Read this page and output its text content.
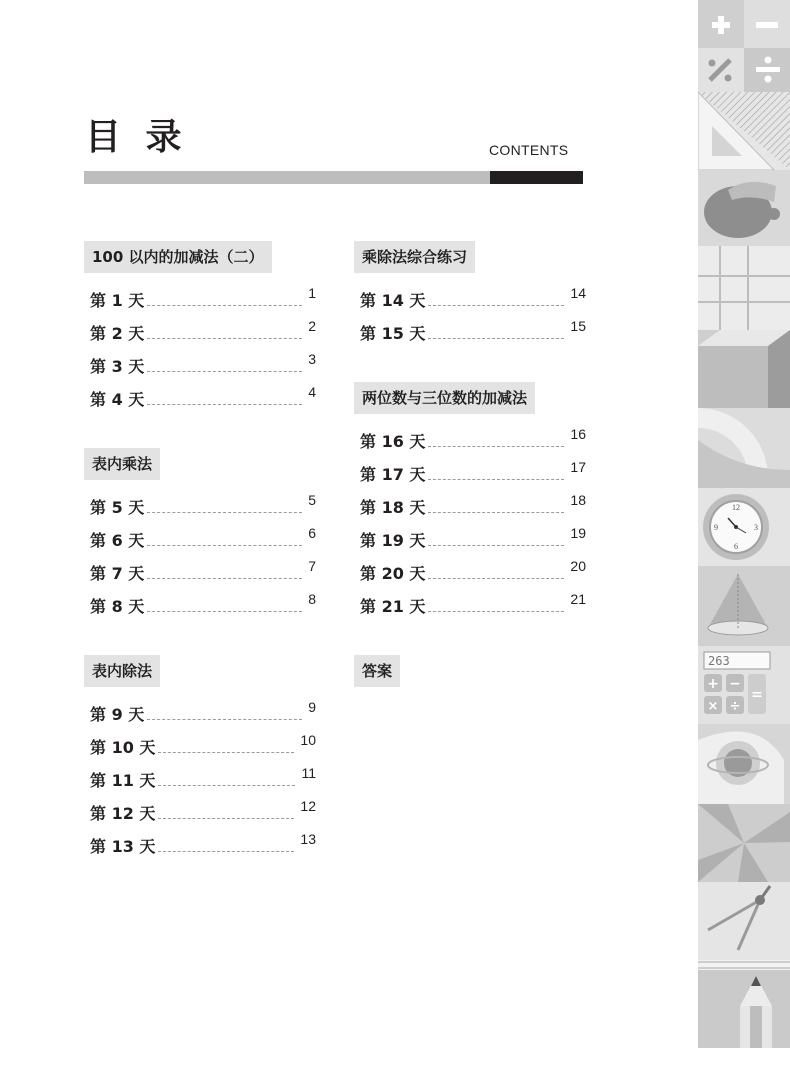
目 录	CONTENTS
100 以内的加减法（二）
第 1 天	1
第 2 天	2
第 3 天	3
第 4 天	4
表内乘法
第 5 天	5
第 6 天	6
第 7 天	7
第 8 天	8
表内除法
第 9 天	9
第 10 天	10
第 11 天	11
第 12 天	12
第 13 天	13
乘除法综合练习
第 14 天	14
第 15 天	15
两位数与三位数的加减法
第 16 天	16
第 17 天	17
第 18 天	18
第 19 天	19
第 20 天	20
第 21 天	21
答案
12
3
6
9
263
+ −
× ÷
=
